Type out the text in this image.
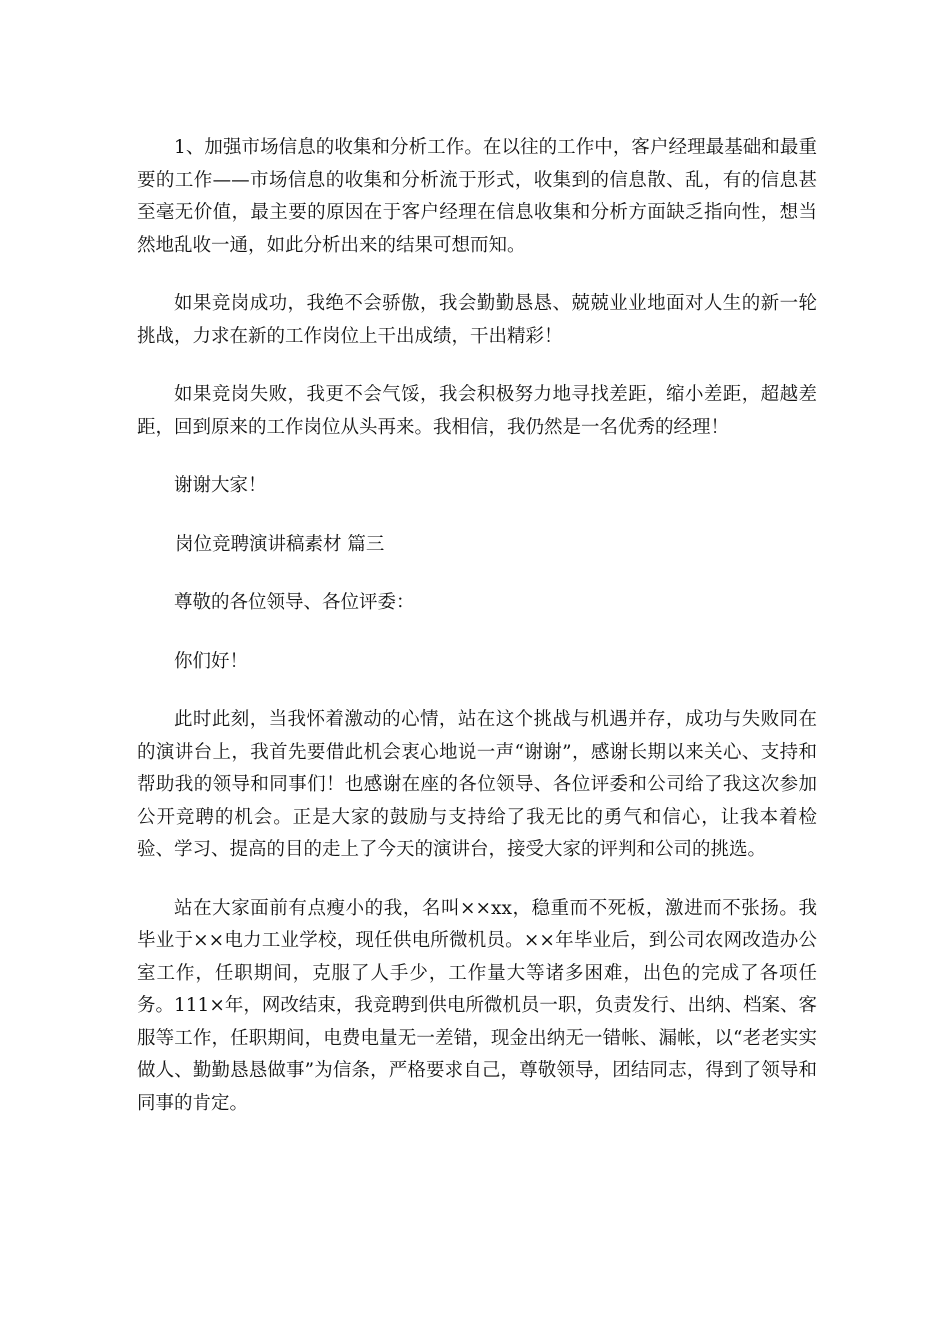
1、加强市场信息的收集和分析工作。在以往的工作中，客户经理最基础和最重要的工作——市场信息的收集和分析流于形式，收集到的信息散、乱，有的信息甚至毫无价值，最主要的原因在于客户经理在信息收集和分析方面缺乏指向性，想当然地乱收一通，如此分析出来的结果可想而知。

如果竞岗成功，我绝不会骄傲，我会勤勤恳恳、兢兢业业地面对人生的新一轮挑战，力求在新的工作岗位上干出成绩，干出精彩！

如果竞岗失败，我更不会气馁，我会积极努力地寻找差距，缩小差距，超越差距，回到原来的工作岗位从头再来。我相信，我仍然是一名优秀的经理！

谢谢大家！

岗位竞聘演讲稿素材 篇三

尊敬的各位领导、各位评委：

你们好！

此时此刻，当我怀着激动的心情，站在这个挑战与机遇并存，成功与失败同在的演讲台上，我首先要借此机会衷心地说一声“谢谢”，感谢长期以来关心、支持和帮助我的领导和同事们！也感谢在座的各位领导、各位评委和公司给了我这次参加公开竞聘的机会。正是大家的鼓励与支持给了我无比的勇气和信心，让我本着检验、学习、提高的目的走上了今天的演讲台，接受大家的评判和公司的挑选。

站在大家面前有点瘦小的我，名叫××xx，稳重而不死板，激进而不张扬。我毕业于××电力工业学校，现任供电所微机员。××年毕业后，到公司农网改造办公室工作，任职期间，克服了人手少，工作量大等诸多困难，出色的完成了各项任务。111×年，网改结束，我竞聘到供电所微机员一职，负责发行、出纳、档案、客服等工作，任职期间，电费电量无一差错，现金出纳无一错帐、漏帐，以“老老实实做人、勤勤恳恳做事”为信条，严格要求自己，尊敬领导，团结同志，得到了领导和同事的肯定。
